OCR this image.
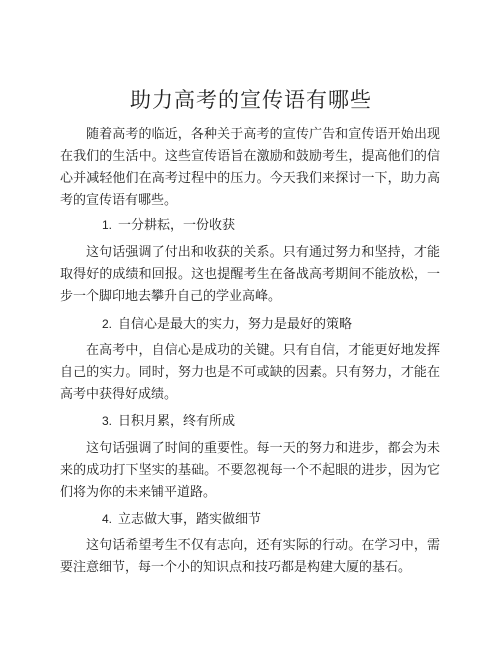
助力高考的宣传语有哪些

随着高考的临近，各种关于高考的宣传广告和宣传语开始出现在我们的生活中。这些宣传语旨在激励和鼓励考生，提高他们的信心并减轻他们在高考过程中的压力。今天我们来探讨一下，助力高考的宣传语有哪些。

1. 一分耕耘，一份收获

这句话强调了付出和收获的关系。只有通过努力和坚持，才能取得好的成绩和回报。这也提醒考生在备战高考期间不能放松，一步一个脚印地去攀升自己的学业高峰。

2. 自信心是最大的实力，努力是最好的策略

在高考中，自信心是成功的关键。只有自信，才能更好地发挥自己的实力。同时，努力也是不可或缺的因素。只有努力，才能在高考中获得好成绩。

3. 日积月累，终有所成

这句话强调了时间的重要性。每一天的努力和进步，都会为未来的成功打下坚实的基础。不要忽视每一个不起眼的进步，因为它们将为你的未来铺平道路。

4. 立志做大事，踏实做细节

这句话希望考生不仅有志向，还有实际的行动。在学习中，需要注意细节，每一个小的知识点和技巧都是构建大厦的基石。
